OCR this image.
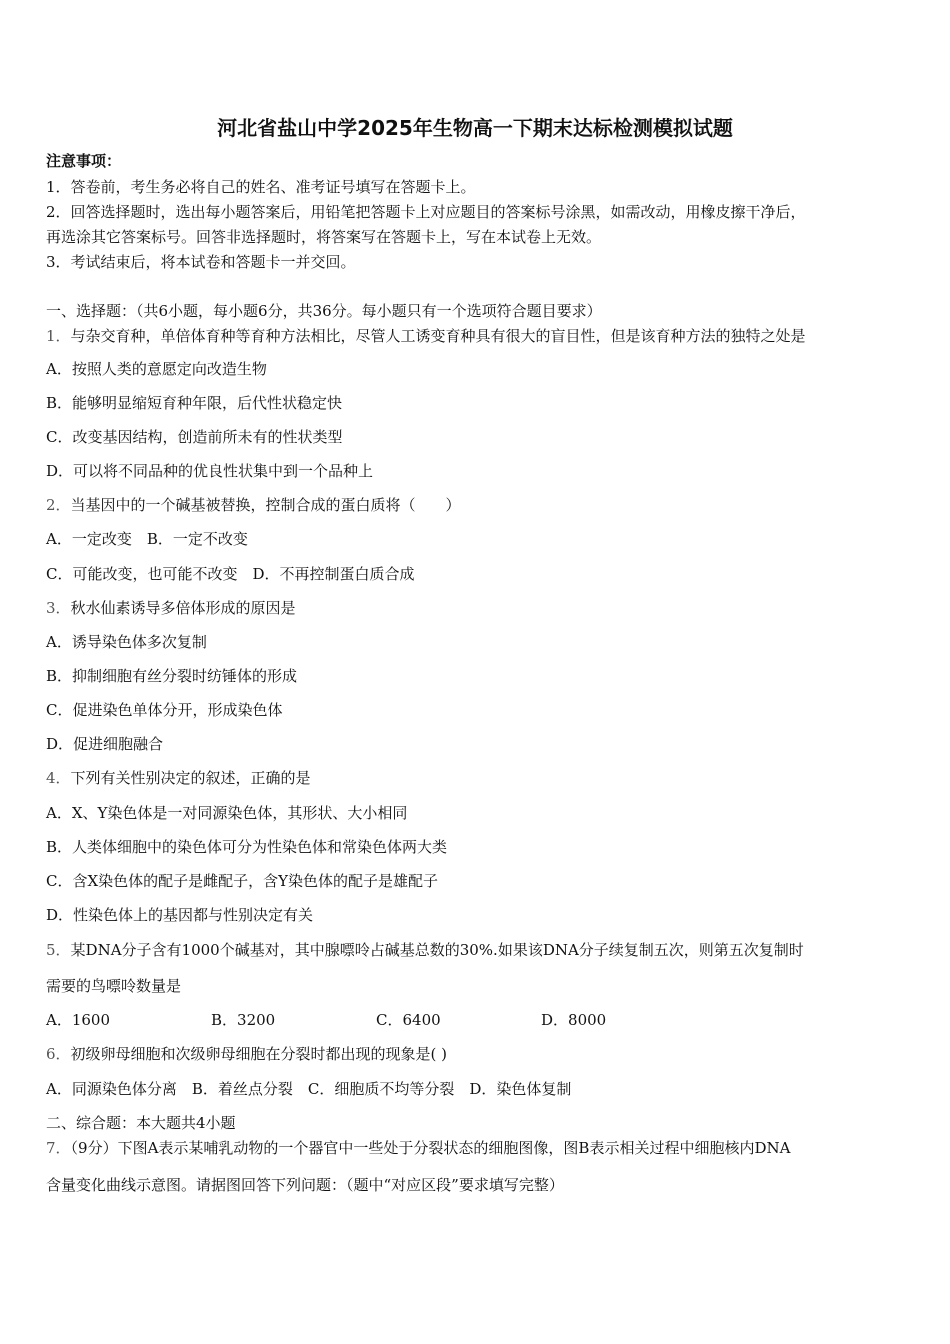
河北省盐山中学2025年生物高一下期末达标检测模拟试题
注意事项：
1．答卷前，考生务必将自己的姓名、准考证号填写在答题卡上。
2．回答选择题时，选出每小题答案后，用铅笔把答题卡上对应题目的答案标号涂黑，如需改动，用橡皮擦干净后，
再选涂其它答案标号。回答非选择题时，将答案写在答题卡上，写在本试卷上无效。
3．考试结束后，将本试卷和答题卡一并交回。
一、选择题：（共6小题，每小题6分，共36分。每小题只有一个选项符合题目要求）
1．与杂交育种，单倍体育种等育种方法相比，尽管人工诱变育种具有很大的盲目性，但是该育种方法的独特之处是
A．按照人类的意愿定向改造生物
B．能够明显缩短育种年限，后代性状稳定快
C．改变基因结构，创造前所未有的性状类型
D．可以将不同品种的优良性状集中到一个品种上
2．当基因中的一个碱基被替换，控制合成的蛋白质将（　　）
A．一定改变 B．一定不改变
C．可能改变，也可能不改变 D．不再控制蛋白质合成
3．秋水仙素诱导多倍体形成的原因是
A．诱导染色体多次复制
B．抑制细胞有丝分裂时纺锤体的形成
C．促进染色单体分开，形成染色体
D．促进细胞融合
4．下列有关性别决定的叙述，正确的是
A．X、Y染色体是一对同源染色体，其形状、大小相同
B．人类体细胞中的染色体可分为性染色体和常染色体两大类
C．含X染色体的配子是雌配子，含Y染色体的配子是雄配子
D．性染色体上的基因都与性别决定有关
5．某DNA分子含有1000个碱基对，其中腺嘌呤占碱基总数的30%.如果该DNA分子续复制五次，则第五次复制时
需要的鸟嘌呤数量是
A．1600	B．3200	C．6400	D．8000
6．初级卵母细胞和次级卵母细胞在分裂时都出现的现象是( )
A．同源染色体分离 B．着丝点分裂 C．细胞质不均等分裂 D．染色体复制
二、综合题：本大题共4小题
7．（9分）下图A表示某哺乳动物的一个器官中一些处于分裂状态的细胞图像，图B表示相关过程中细胞核内DNA
含量变化曲线示意图。请据图回答下列问题：（题中“对应区段”要求填写完整）
